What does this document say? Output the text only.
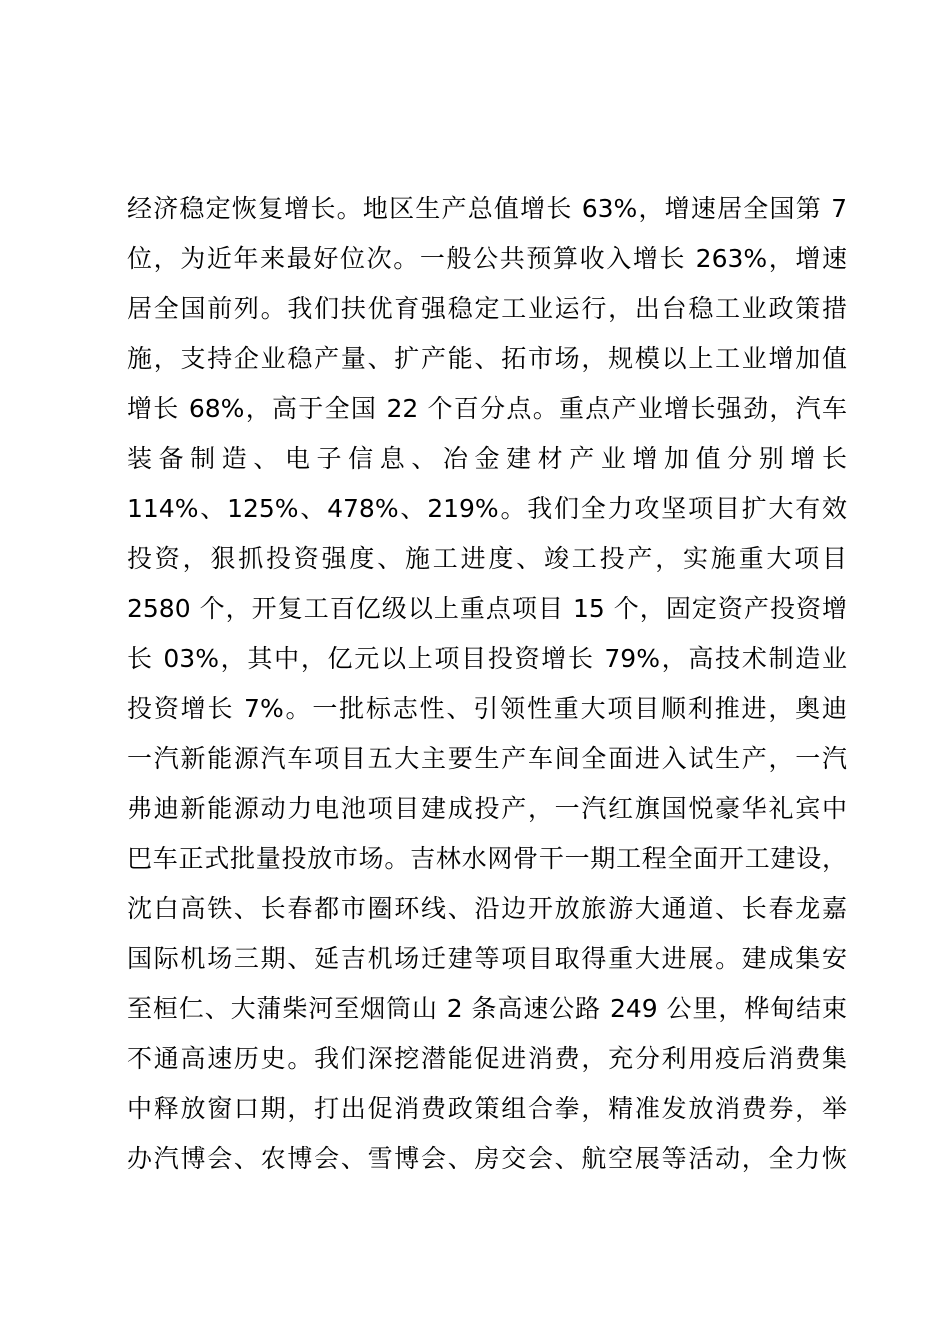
经济稳定恢复增长。地区生产总值增长 63%，增速居全国第 7
位，为近年来最好位次。一般公共预算收入增长 263%，增速
居全国前列。我们扶优育强稳定工业运行，出台稳工业政策措
施，支持企业稳产量、扩产能、拓市场，规模以上工业增加值
增长 68%，高于全国 22 个百分点。重点产业增长强劲，汽车
装备制造、电子信息、冶金建材产业增加值分别增长
114%、125%、478%、219%。我们全力攻坚项目扩大有效
投资，狠抓投资强度、施工进度、竣工投产，实施重大项目
2580 个，开复工百亿级以上重点项目 15 个，固定资产投资增
长 03%，其中，亿元以上项目投资增长 79%，高技术制造业
投资增长 7%。一批标志性、引领性重大项目顺利推进，奥迪
一汽新能源汽车项目五大主要生产车间全面进入试生产，一汽
弗迪新能源动力电池项目建成投产，一汽红旗国悦豪华礼宾中
巴车正式批量投放市场。吉林水网骨干一期工程全面开工建设，
沈白高铁、长春都市圈环线、沿边开放旅游大通道、长春龙嘉
国际机场三期、延吉机场迁建等项目取得重大进展。建成集安
至桓仁、大蒲柴河至烟筒山 2 条高速公路 249 公里，桦甸结束
不通高速历史。我们深挖潜能促进消费，充分利用疫后消费集
中释放窗口期，打出促消费政策组合拳，精准发放消费券，举
办汽博会、农博会、雪博会、房交会、航空展等活动，全力恢
